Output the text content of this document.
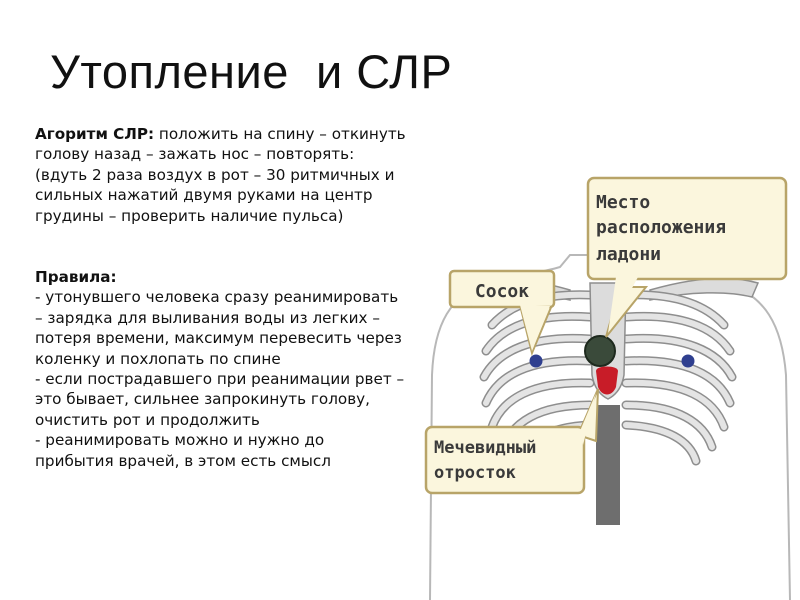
Утопление  и СЛР

Агоритм СЛР: положить на спину – откинуть голову назад – зажать нос – повторять: (вдуть 2 раза воздух в рот – 30 ритмичных и сильных нажатий двумя руками на центр грудины – проверить наличие пульса)

Правила:

- утонувшего человека сразу реанимировать – зарядка для выливания воды из легких – потеря времени, максимум перевесить через коленку и похлопать по спине

- если пострадавшего при реанимации рвет – это бывает, сильнее запрокинуть голову, очистить рот и продолжить

- реанимировать можно и нужно до прибытия врачей, в этом есть смысл

Сосок
Место
расположения
ладони
Мечевидный
отросток
